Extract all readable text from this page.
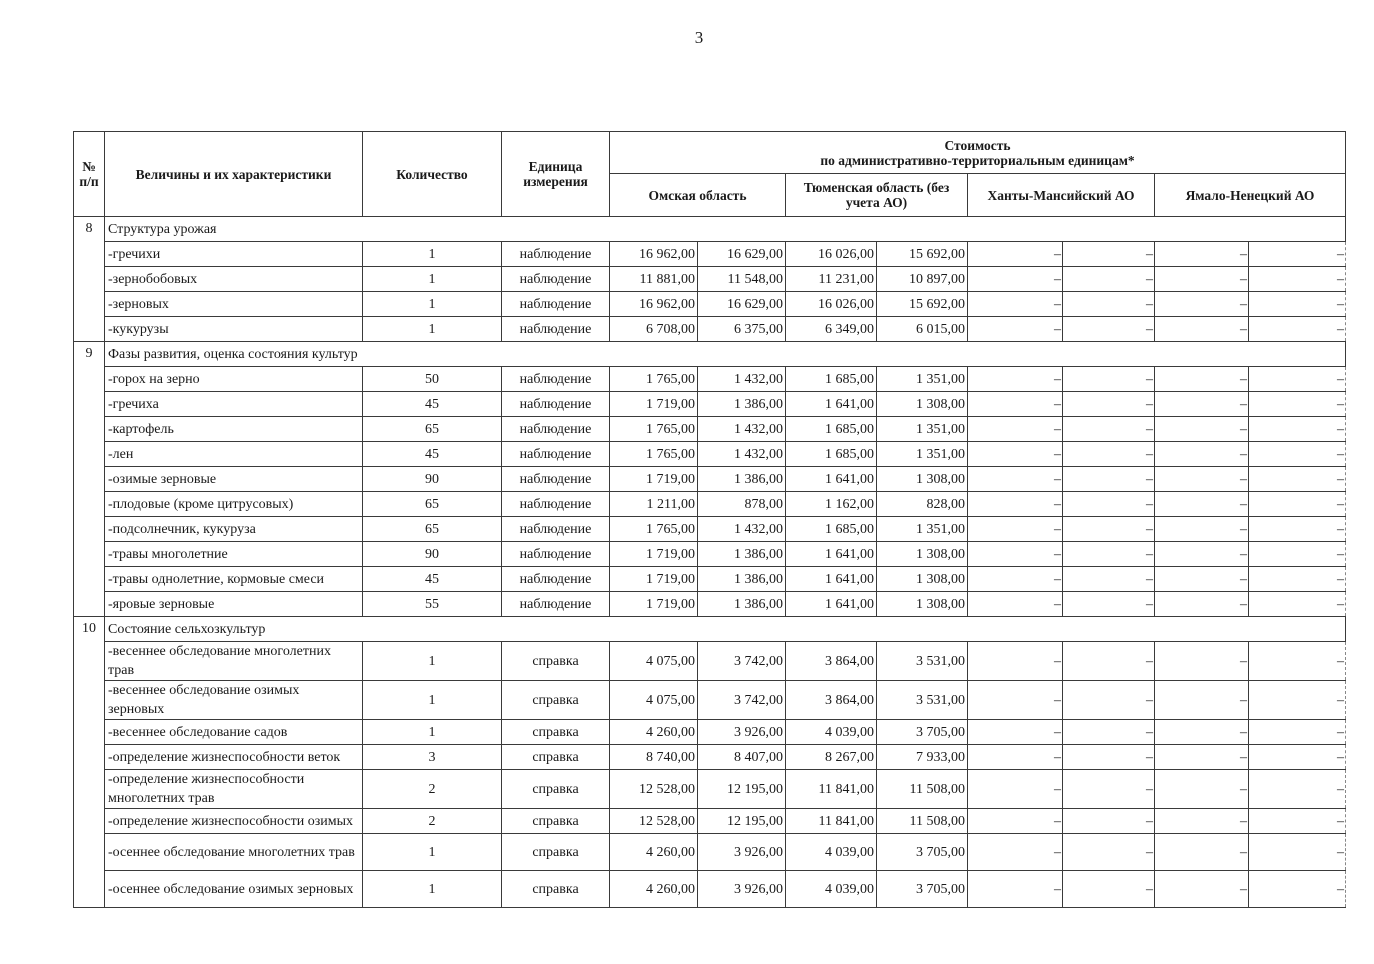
3
№ п/п	Величины и их характеристики	Количество	Единица измерения	Стоимость
по административно-территориальным единицам*							

				Омская область		Тюменская область (без учета АО)		Ханты-Мансийский АО		Ямало-Ненецкий АО	
8	Структура урожая										
	-гречихи	1	наблюдение	16 962,00	16 629,00	16 026,00	15 692,00	–	–	–	–
	-зернобобовых	1	наблюдение	11 881,00	11 548,00	11 231,00	10 897,00	–	–	–	–
	-зерновых	1	наблюдение	16 962,00	16 629,00	16 026,00	15 692,00	–	–	–	–
	-кукурузы	1	наблюдение	6 708,00	6 375,00	6 349,00	6 015,00	–	–	–	–
9	Фазы развития, оценка состояния культур										
	-горох на зерно	50	наблюдение	1 765,00	1 432,00	1 685,00	1 351,00	–	–	–	–
	-гречиха	45	наблюдение	1 719,00	1 386,00	1 641,00	1 308,00	–	–	–	–
	-картофель	65	наблюдение	1 765,00	1 432,00	1 685,00	1 351,00	–	–	–	–
	-лен	45	наблюдение	1 765,00	1 432,00	1 685,00	1 351,00	–	–	–	–
	-озимые зерновые	90	наблюдение	1 719,00	1 386,00	1 641,00	1 308,00	–	–	–	–
	-плодовые (кроме цитрусовых)	65	наблюдение	1 211,00	878,00	1 162,00	828,00	–	–	–	–
	-подсолнечник, кукуруза	65	наблюдение	1 765,00	1 432,00	1 685,00	1 351,00	–	–	–	–
	-травы многолетние	90	наблюдение	1 719,00	1 386,00	1 641,00	1 308,00	–	–	–	–
	-травы однолетние, кормовые смеси	45	наблюдение	1 719,00	1 386,00	1 641,00	1 308,00	–	–	–	–
	-яровые зерновые	55	наблюдение	1 719,00	1 386,00	1 641,00	1 308,00	–	–	–	–
10	Состояние сельхозкультур										
	-весеннее обследование многолетних трав	1	справка	4 075,00	3 742,00	3 864,00	3 531,00	–	–	–	–
	-весеннее обследование озимых зерновых	1	справка	4 075,00	3 742,00	3 864,00	3 531,00	–	–	–	–
	-весеннее обследование садов	1	справка	4 260,00	3 926,00	4 039,00	3 705,00	–	–	–	–
	-определение жизнеспособности веток	3	справка	8 740,00	8 407,00	8 267,00	7 933,00	–	–	–	–
	-определение жизнеспособности многолетних трав	2	справка	12 528,00	12 195,00	11 841,00	11 508,00	–	–	–	–
	-определение жизнеспособности озимых	2	справка	12 528,00	12 195,00	11 841,00	11 508,00	–	–	–	–
	-осеннее обследование многолетних трав	1	справка	4 260,00	3 926,00	4 039,00	3 705,00	–	–	–	–
	-осеннее обследование озимых зерновых	1	справка	4 260,00	3 926,00	4 039,00	3 705,00	–	–	–	–
